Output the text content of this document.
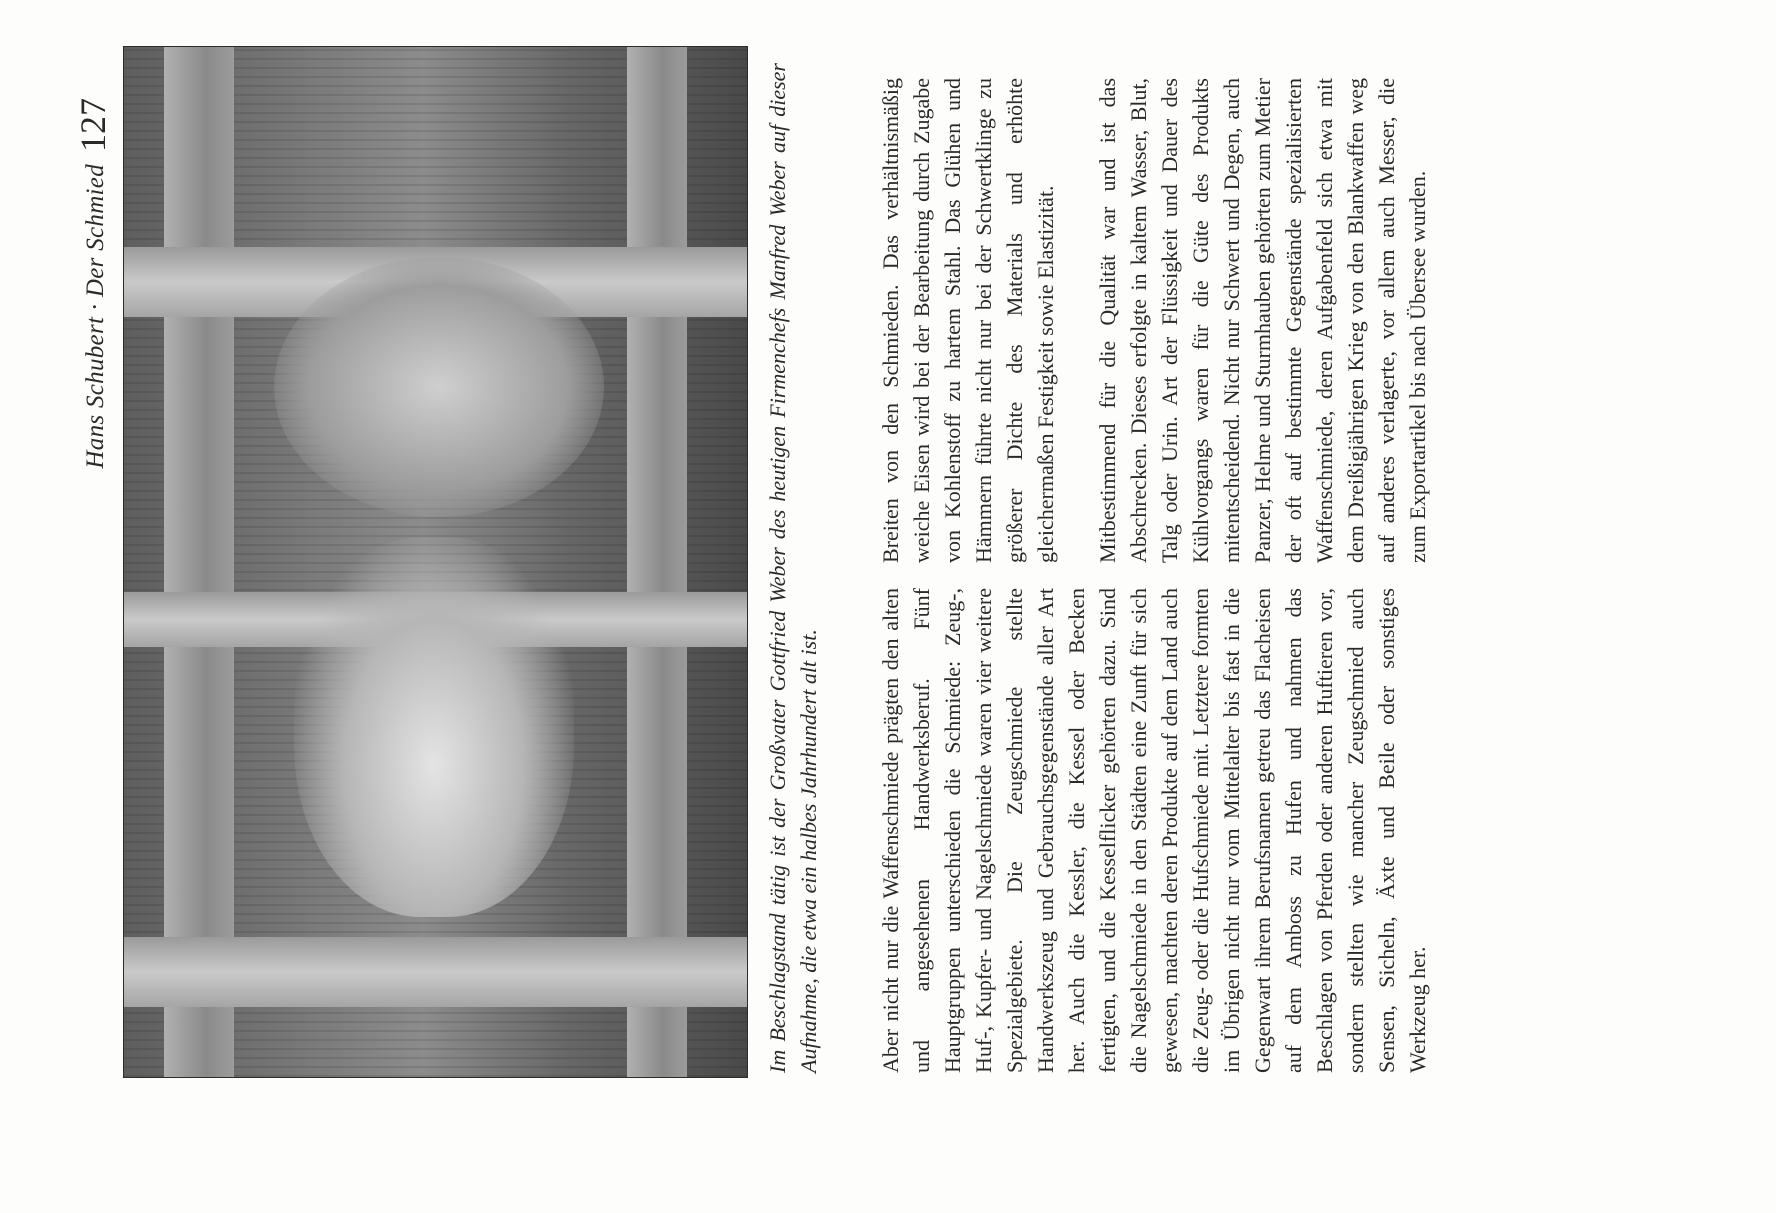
Hans Schubert · Der Schmied
127	Im Beschlagstand tätig ist der Großvater Gottfried Weber des heutigen Firmenchefs Manfred Weber auf dieser Aufnahme, die etwa ein halbes Jahrhundert alt ist.	Aber nicht nur die Waffenschmiede prägten den alten und angesehenen Handwerksberuf. Fünf Hauptgruppen unterschieden die Schmiede: Zeug-, Huf-, Kupfer- und Nagelschmiede waren vier weitere Spezialgebiete. Die Zeugschmiede stellte Handwerkszeug und Gebrauchsgegenstände aller Art her. Auch die Kessler, die Kessel oder Becken fertigten, und die Kesselflicker gehörten dazu. Sind die Nagelschmiede in den Städten eine Zunft für sich gewesen, machten deren Produkte auf dem Land auch die Zeug- oder die Hufschmiede mit. Letztere formten im Übrigen nicht nur vom Mittelalter bis fast in die Gegenwart ihrem Berufsnamen getreu das Flacheisen auf dem Amboss zu Hufen und nahmen das Beschlagen von Pferden oder anderen Huftieren vor, sondern stellten wie mancher Zeugschmied auch Sensen, Sicheln, Äxte und Beile oder sonstiges Werkzeug her.

Breiten von den Schmieden. Das verhältnismäßig weiche Eisen wird bei der Bearbeitung durch Zugabe von Kohlenstoff zu hartem Stahl. Das Glühen und Hämmern führte nicht nur bei der Schwertklinge zu größerer Dichte des Materials und erhöhte gleichermaßen Festigkeit sowie Elastizität. Mitbestimmend für die Qualität war und ist das Abschrecken. Dieses erfolgte in kaltem Wasser, Blut, Talg oder Urin. Art der Flüssigkeit und Dauer des Kühlvorgangs waren für die Güte des Produkts mitentscheidend. Nicht nur Schwert und Degen, auch Panzer, Helme und Sturmhauben gehörten zum Metier der oft auf bestimmte Gegenstände spezialisierten Waffenschmiede, deren Aufgabenfeld sich etwa mit dem Dreißigjährigen Krieg von den Blankwaffen weg auf anderes verlagerte, vor allem auch Messer, die zum Exportartikel bis nach Übersee wurden.
